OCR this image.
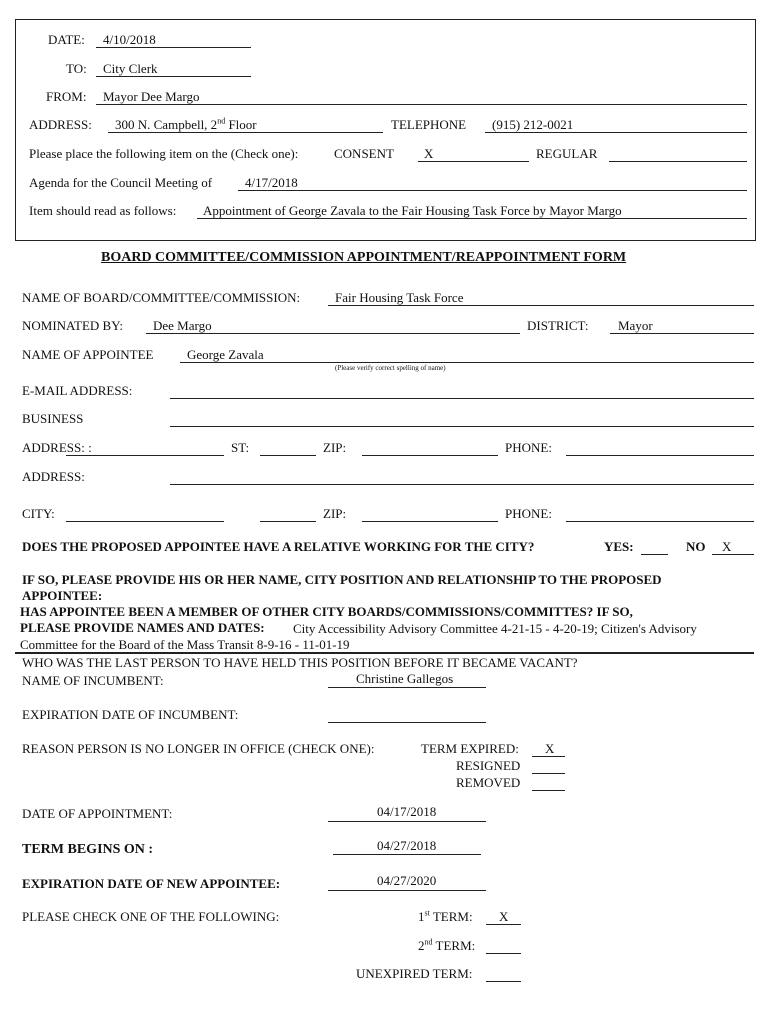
DATE: 4/10/2018
TO: City Clerk
FROM: Mayor Dee Margo
ADDRESS: 300 N. Campbell, 2nd Floor	TELEPHONE (915) 212-0021
Please place the following item on the (Check one):	CONSENT X	REGULAR
Agenda for the Council Meeting of	4/17/2018
Item should read as follows: Appointment of George Zavala to the Fair Housing Task Force by Mayor Margo
BOARD COMMITTEE/COMMISSION APPOINTMENT/REAPPOINTMENT FORM
NAME OF BOARD/COMMITTEE/COMMISSION:	Fair Housing Task Force
NOMINATED BY: Dee Margo	DISTRICT: Mayor
NAME OF APPOINTEE	George Zavala
(Please verify correct spelling of name)
E-MAIL ADDRESS:
BUSINESS
ADDRESS: :	ST:	ZIP:	PHONE:
ADDRESS:
CITY:	ZIP:	PHONE:
DOES THE PROPOSED APPOINTEE HAVE A RELATIVE WORKING FOR THE CITY?	YES:	NO X
IF SO, PLEASE PROVIDE HIS OR HER NAME, CITY POSITION AND RELATIONSHIP TO THE PROPOSED APPOINTEE:
HAS APPOINTEE BEEN A MEMBER OF OTHER CITY BOARDS/COMMISSIONS/COMMITTES? IF SO,
PLEASE PROVIDE NAMES AND DATES: City Accessibility Advisory Committee 4-21-15 - 4-20-19; Citizen's Advisory
Committee for the Board of the Mass Transit 8-9-16 - 11-01-19
WHO WAS THE LAST PERSON TO HAVE HELD THIS POSITION BEFORE IT BECAME VACANT?
NAME OF INCUMBENT:	Christine Gallegos
EXPIRATION DATE OF INCUMBENT:
REASON PERSON IS NO LONGER IN OFFICE (CHECK ONE):	TERM EXPIRED: X
RESIGNED
REMOVED
DATE OF APPOINTMENT:	04/17/2018
TERM BEGINS ON :	04/27/2018
EXPIRATION DATE OF NEW APPOINTEE:	04/27/2020
PLEASE CHECK ONE OF THE FOLLOWING:	1st TERM: X
2nd TERM:
UNEXPIRED TERM:
